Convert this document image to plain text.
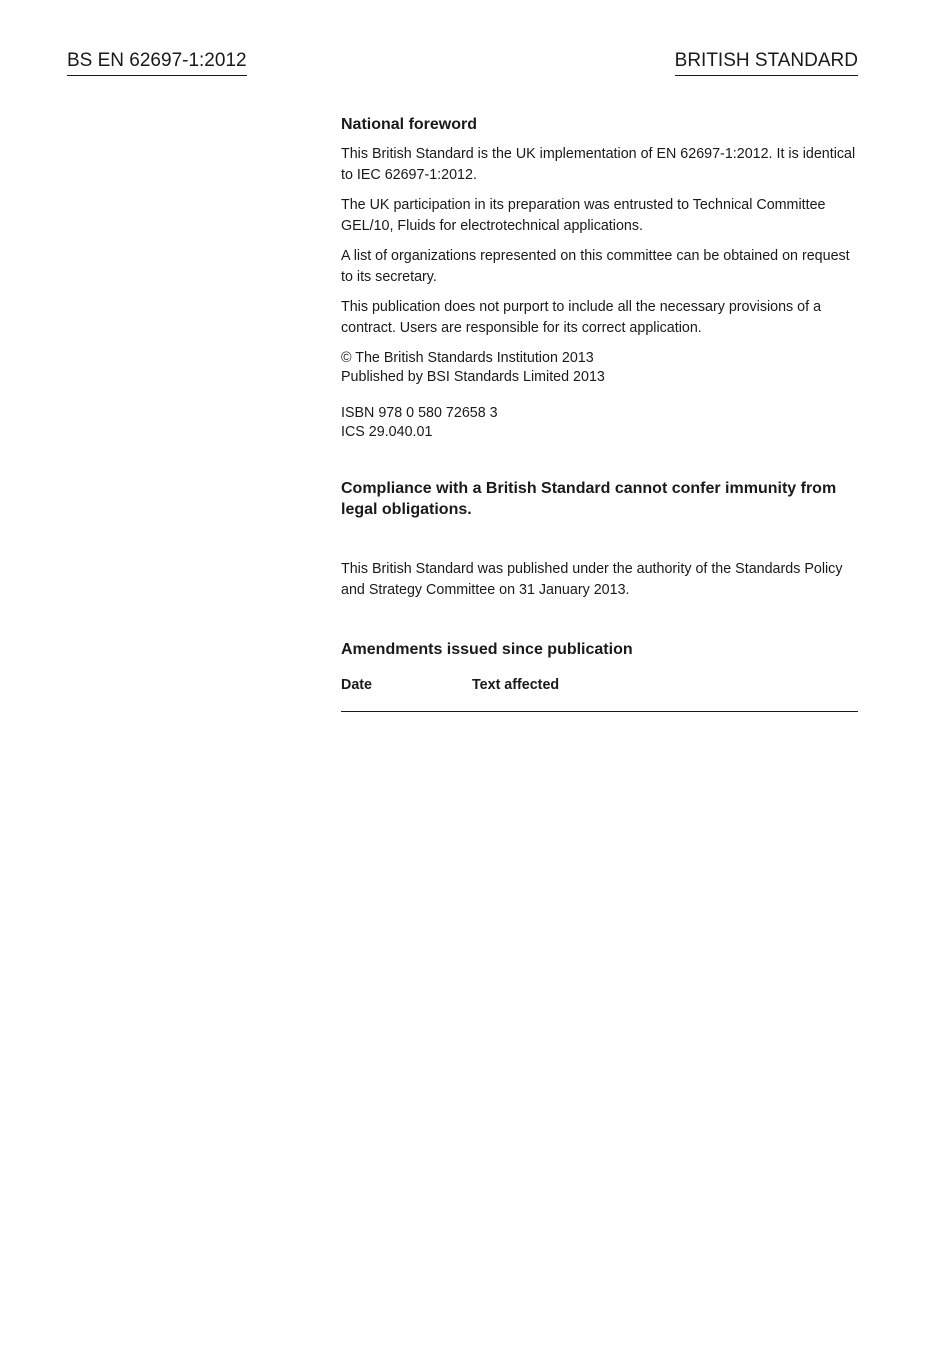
BS EN 62697-1:2012	BRITISH STANDARD
National foreword

This British Standard is the UK implementation of EN 62697-1:2012. It is identical to IEC 62697-1:2012.

The UK participation in its preparation was entrusted to Technical Committee GEL/10, Fluids for electrotechnical applications.

A list of organizations represented on this committee can be obtained on request to its secretary.

This publication does not purport to include all the necessary provisions of a contract. Users are responsible for its correct application.

© The British Standards Institution 2013
Published by BSI Standards Limited 2013

ISBN 978 0 580 72658 3
ICS 29.040.01

Compliance with a British Standard cannot confer immunity from legal obligations.

This British Standard was published under the authority of the Standards Policy and Strategy Committee on 31 January 2013.

Amendments issued since publication
Date	Text affected
